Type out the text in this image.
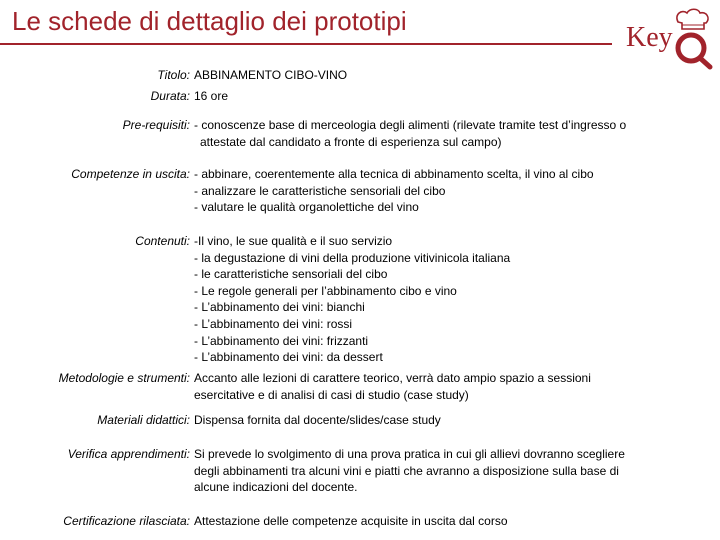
Le schede di dettaglio dei prototipi
Key
Titolo: ABBINAMENTO CIBO-VINO
Durata: 16 ore
Pre-requisiti: - conoscenze base di merceologia degli alimenti (rilevate tramite test d’ingresso o
attestate dal candidato a fronte di esperienza sul campo)
Competenze in uscita: - abbinare, coerentemente alla tecnica di abbinamento scelta, il vino al cibo
- analizzare le caratteristiche sensoriali del cibo
- valutare le qualità organolettiche del vino
Contenuti: -Il vino, le sue qualità e il suo servizio
- la degustazione di vini della produzione vitivinicola italiana
- le caratteristiche sensoriali del cibo
- Le regole generali per l’abbinamento cibo e vino
- L’abbinamento dei vini: bianchi
- L’abbinamento dei vini: rossi
- L’abbinamento dei vini: frizzanti
- L’abbinamento dei vini: da dessert
Metodologie e strumenti: Accanto alle lezioni di carattere teorico, verrà dato ampio spazio a sessioni
esercitative e di analisi di casi di studio (case study)
Materiali didattici: Dispensa fornita dal docente/slides/case study
Verifica apprendimenti: Si prevede lo svolgimento di una prova pratica in cui gli allievi dovranno scegliere
degli abbinamenti tra alcuni vini e piatti che avranno a disposizione sulla base di
alcune indicazioni del docente.
Certificazione rilasciata: Attestazione delle competenze acquisite in uscita dal corso
